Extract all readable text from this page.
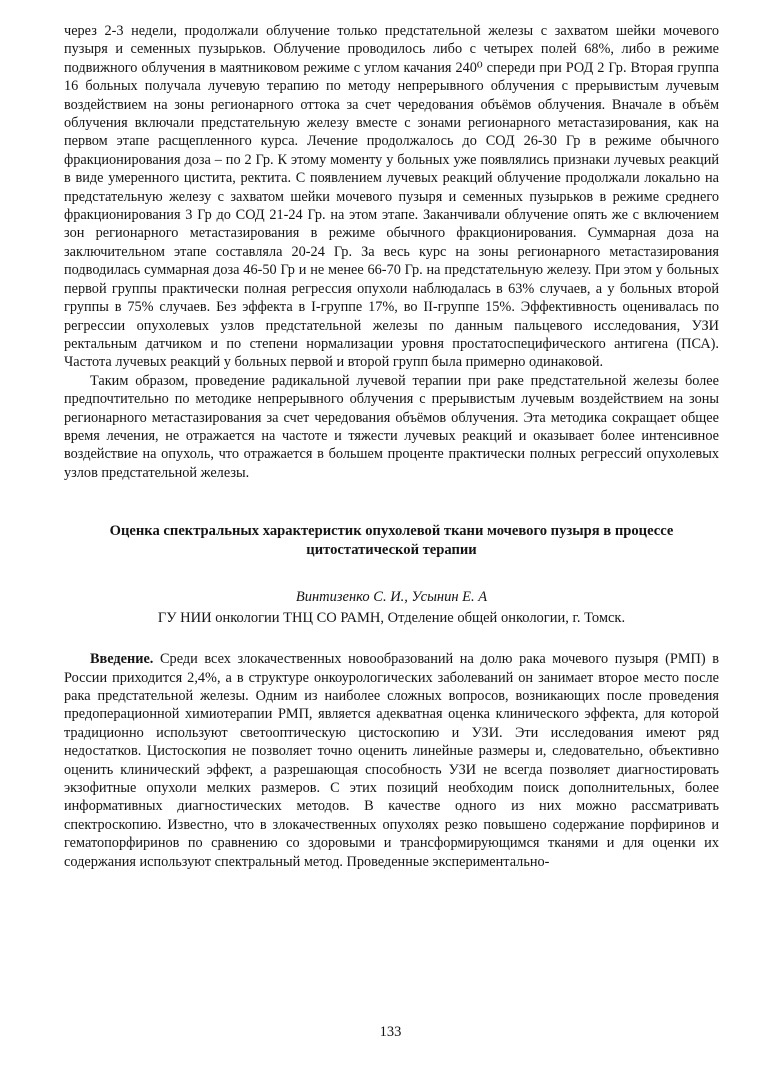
через 2-3 недели, продолжали облучение только предстательной железы с захватом шейки мочевого пузыря и семенных пузырьков. Облучение проводилось либо с четырех полей 68%, либо в режиме подвижного облучения в маятниковом режиме с углом качания 240⁰ спереди при РОД 2 Гр. Вторая группа 16 больных получала лучевую терапию по методу непрерывного облучения с прерывистым лучевым воздействием на зоны регионарного оттока за счет чередования объёмов облучения. Вначале в объём облучения включали предстательную железу вместе с зонами регионарного метастазирования, как на первом этапе расщепленного курса. Лечение продолжалось до СОД 26-30 Гр в режиме обычного фракционирования доза – по 2 Гр. К этому моменту у больных уже появлялись признаки лучевых реакций в виде умеренного цистита, ректита. С появлением лучевых реакций облучение продолжали локально на предстательную железу с захватом шейки мочевого пузыря и семенных пузырьков в режиме среднего фракционирования 3 Гр до СОД 21-24 Гр. на этом этапе. Заканчивали облучение опять же с включением зон регионарного метастазирования в режиме обычного фракционирования. Суммарная доза на заключительном этапе составляла 20-24 Гр. За весь курс на зоны регионарного метастазирования подводилась суммарная доза 46-50 Гр и не менее 66-70 Гр. на предстательную железу. При этом у больных первой группы практически полная регрессия опухоли наблюдалась в 63% случаев, а у больных второй группы в 75% случаев. Без эффекта в I-группе 17%, во II-группе 15%. Эффективность оценивалась по регрессии опухолевых узлов предстательной железы по данным пальцевого исследования, УЗИ ректальным датчиком и по степени нормализации уровня простатоспецифического антигена (ПСА). Частота лучевых реакций у больных первой и второй групп была примерно одинаковой.

Таким образом, проведение радикальной лучевой терапии при раке предстательной железы более предпочтительно по методике непрерывного облучения с прерывистым лучевым воздействием на зоны регионарного метастазирования за счет чередования объёмов облучения. Эта методика сокращает общее время лечения, не отражается на частоте и тяжести лучевых реакций и оказывает более интенсивное воздействие на опухоль, что отражается в большем проценте практически полных регрессий опухолевых узлов предстательной железы.

Оценка спектральных характеристик опухолевой ткани мочевого пузыря в процессе цитостатической терапии

Винтизенко С. И., Усынин Е. А

ГУ НИИ онкологии ТНЦ СО РАМН, Отделение общей онкологии, г. Томск.

Введение. Среди всех злокачественных новообразований на долю рака мочевого пузыря (РМП) в России приходится 2,4%, а в структуре онкоурологических заболеваний он занимает второе место после рака предстательной железы. Одним из наиболее сложных вопросов, возникающих после проведения предоперационной химиотерапии РМП, является адекватная оценка клинического эффекта, для которой традиционно используют светооптическую цистоскопию и УЗИ. Эти исследования имеют ряд недостатков. Цистоскопия не позволяет точно оценить линейные размеры и, следовательно, объективно оценить клинический эффект, а разрешающая способность УЗИ не всегда позволяет диагностировать экзофитные опухоли мелких размеров. С этих позиций необходим поиск дополнительных, более информативных диагностических методов. В качестве одного из них можно рассматривать спектроскопию. Известно, что в злокачественных опухолях резко повышено содержание порфиринов и гематопорфиринов по сравнению со здоровыми и трансформирующимся тканями и для оценки их содержания используют спектральный метод. Проведенные экспериментально-

133
